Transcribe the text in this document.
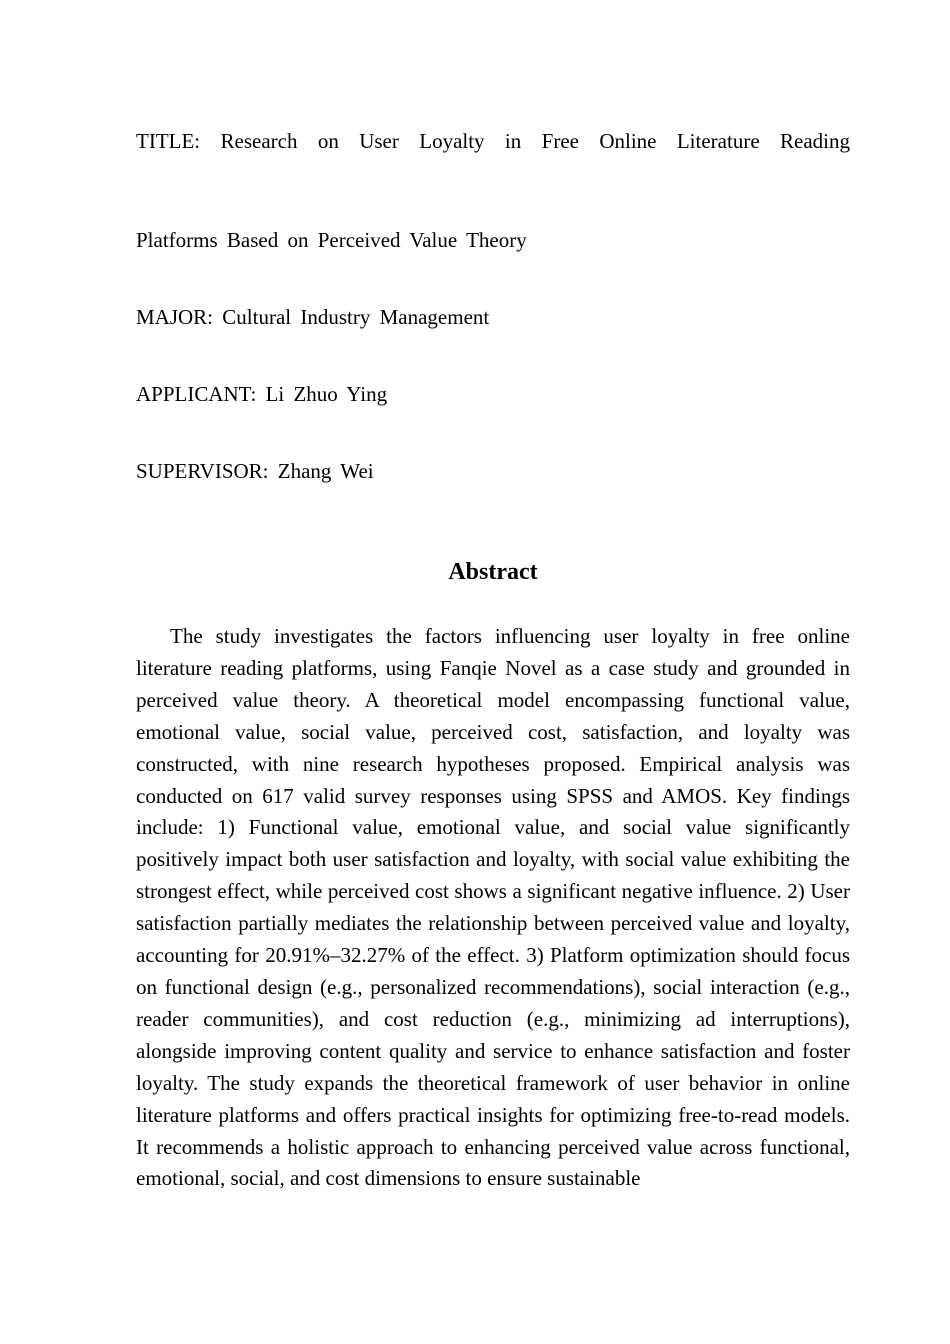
TITLE: Research on User Loyalty in Free Online Literature Reading
Platforms Based on Perceived Value Theory
MAJOR: Cultural Industry Management
APPLICANT: Li Zhuo Ying
SUPERVISOR: Zhang Wei
Abstract

The study investigates the factors influencing user loyalty in free online literature reading platforms, using Fanqie Novel as a case study and grounded in perceived value theory. A theoretical model encompassing functional value, emotional value, social value, perceived cost, satisfaction, and loyalty was constructed, with nine research hypotheses proposed. Empirical analysis was conducted on 617 valid survey responses using SPSS and AMOS. Key findings include: 1) Functional value, emotional value, and social value significantly positively impact both user satisfaction and loyalty, with social value exhibiting the strongest effect, while perceived cost shows a significant negative influence. 2) User satisfaction partially mediates the relationship between perceived value and loyalty, accounting for 20.91%–32.27% of the effect. 3) Platform optimization should focus on functional design (e.g., personalized recommendations), social interaction (e.g., reader communities), and cost reduction (e.g., minimizing ad interruptions), alongside improving content quality and service to enhance satisfaction and foster loyalty. The study expands the theoretical framework of user behavior in online literature platforms and offers practical insights for optimizing free-to-read models. It recommends a holistic approach to enhancing perceived value across functional, emotional, social, and cost dimensions to ensure sustainable
